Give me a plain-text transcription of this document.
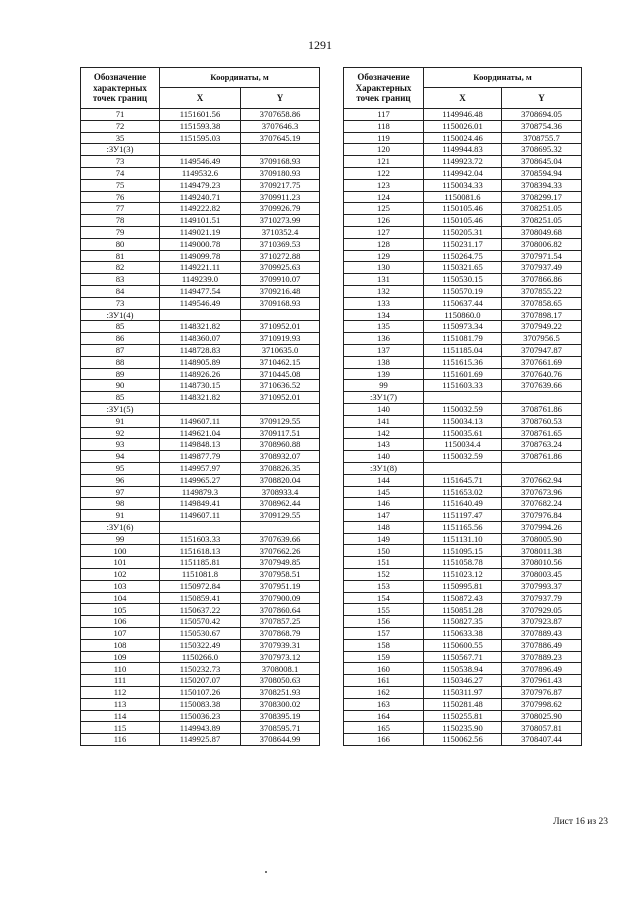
1291
Обозначение
характерных
точек границ	Координаты, м	
	X	Y
71	1151601.56	3707658.86
72	1151593.38	3707646.3
35	1151595.03	3707645.19
:ЗУ1(3)		
73	1149546.49	3709168.93
74	1149532.6	3709180.93
75	1149479.23	3709217.75
76	1149240.71	3709911.23
77	1149222.82	3709926.79
78	1149101.51	3710273.99
79	1149021.19	3710352.4
80	1149000.78	3710369.53
81	1149099.78	3710272.88
82	1149221.11	3709925.63
83	1149239.0	3709910.07
84	1149477.54	3709216.48
73	1149546.49	3709168.93
:ЗУ1(4)		
85	1148321.82	3710952.01
86	1148360.07	3710919.93
87	1148728.83	3710635.0
88	1148905.89	3710462.15
89	1148926.26	3710445.08
90	1148730.15	3710636.52
85	1148321.82	3710952.01
:ЗУ1(5)		
91	1149607.11	3709129.55
92	1149621.04	3709117.51
93	1149848.13	3708960.88
94	1149877.79	3708932.07
95	1149957.97	3708826.35
96	1149965.27	3708820.04
97	1149879.3	3708933.4
98	1149849.41	3708962.44
91	1149607.11	3709129.55
:ЗУ1(6)		
99	1151603.33	3707639.66
100	1151618.13	3707662.26
101	1151185.81	3707949.85
102	1151081.8	3707958.51
103	1150972.84	3707951.19
104	1150859.41	3707900.09
105	1150637.22	3707860.64
106	1150570.42	3707857.25
107	1150530.67	3707868.79
108	1150322.49	3707939.31
109	1150266.0	3707973.12
110	1150232.73	3708008.1
111	1150207.07	3708050.63
112	1150107.26	3708251.93
113	1150083.38	3708300.02
114	1150036.23	3708395.19
115	1149943.89	3708595.71
116	1149925.87	3708644.99
Обозначение
Характерных
точек границ	Координаты, м	
	X	Y
117	1149946.48	3708694.05
118	1150026.01	3708754.36
119	1150024.46	3708755.7
120	1149944.83	3708695.32
121	1149923.72	3708645.04
122	1149942.04	3708594.94
123	1150034.33	3708394.33
124	1150081.6	3708299.17
125	1150105.46	3708251.05
126	1150105.46	3708251.05
127	1150205.31	3708049.68
128	1150231.17	3708006.82
129	1150264.75	3707971.54
130	1150321.65	3707937.49
131	1150530.15	3707866.86
132	1150570.19	3707855.22
133	1150637.44	3707858.65
134	1150860.0	3707898.17
135	1150973.34	3707949.22
136	1151081.79	3707956.5
137	1151185.04	3707947.87
138	1151615.36	3707661.69
139	1151601.69	3707640.76
99	1151603.33	3707639.66
:ЗУ1(7)		
140	1150032.59	3708761.86
141	1150034.13	3708760.53
142	1150035.61	3708761.65
143	1150034.4	3708763.24
140	1150032.59	3708761.86
:ЗУ1(8)		
144	1151645.71	3707662.94
145	1151653.02	3707673.96
146	1151640.49	3707682.24
147	1151197.47	3707976.84
148	1151165.56	3707994.26
149	1151131.10	3708005.90
150	1151095.15	3708011.38
151	1151058.78	3708010.56
152	1151023.12	3708003.45
153	1150995.81	3707993.37
154	1150872.43	3707937.79
155	1150851.28	3707929.05
156	1150827.35	3707923.87
157	1150633.38	3707889.43
158	1150600.55	3707886.49
159	1150567.71	3707889.23
160	1150538.94	3707896.49
161	1150346.27	3707961.43
162	1150311.97	3707976.87
163	1150281.48	3707998.62
164	1150255.81	3708025.90
165	1150235.90	3708057.81
166	1150062.56	3708407.44
Лист 16 из 23
